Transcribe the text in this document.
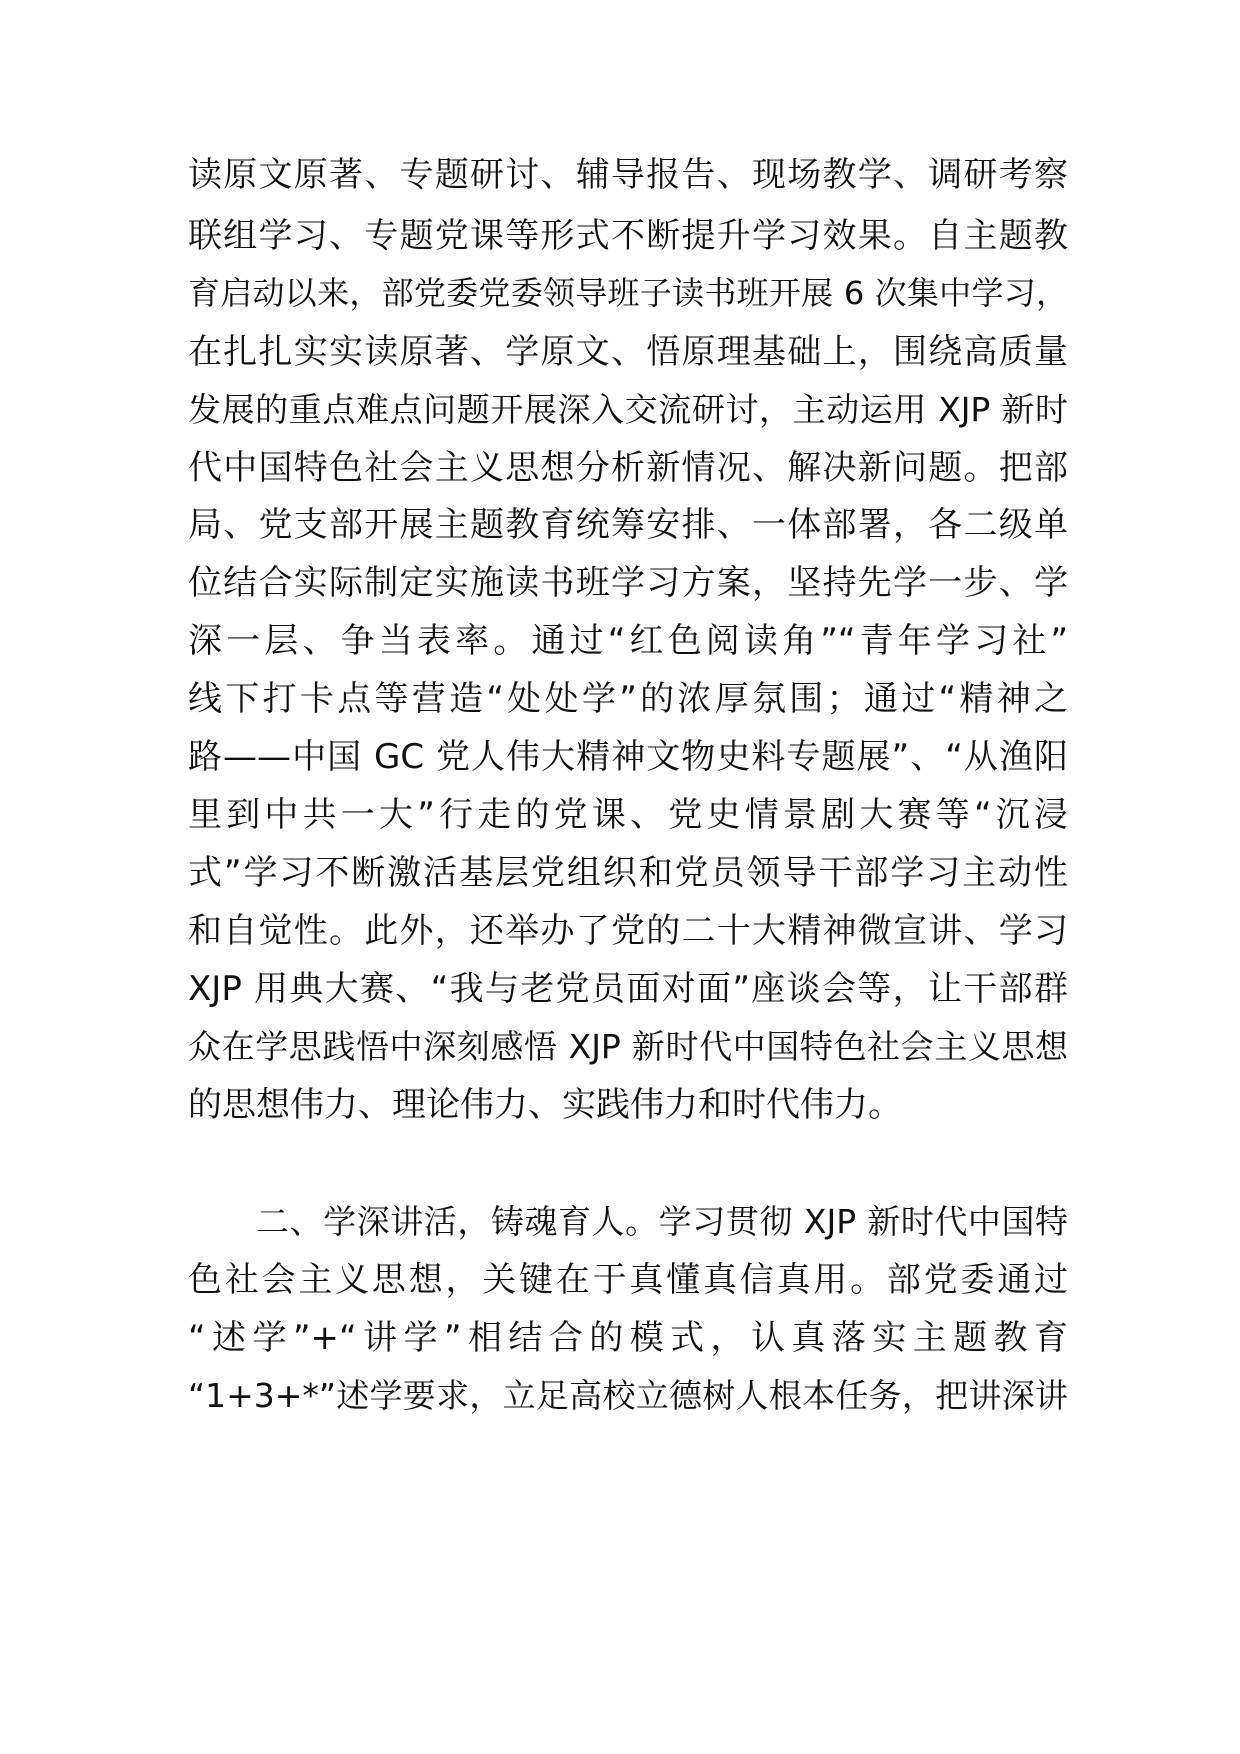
读原文原著、专题研讨、辅导报告、现场教学、调研考察
联组学习、专题党课等形式不断提升学习效果。自主题教
育启动以来，部党委党委领导班子读书班开展 6 次集中学习，
在扎扎实实读原著、学原文、悟原理基础上，围绕高质量
发展的重点难点问题开展深入交流研讨，主动运用 XJP 新时
代中国特色社会主义思想分析新情况、解决新问题。把部
局、党支部开展主题教育统筹安排、一体部署，各二级单
位结合实际制定实施读书班学习方案，坚持先学一步、学
深一层、争当表率。通过“红色阅读角”“青年学习社”
线下打卡点等营造“处处学”的浓厚氛围；通过“精神之
路——中国 GC 党人伟大精神文物史料专题展”、“从渔阳
里到中共一大”行走的党课、党史情景剧大赛等“沉浸
式”学习不断激活基层党组织和党员领导干部学习主动性
和自觉性。此外，还举办了党的二十大精神微宣讲、学习
XJP 用典大赛、“我与老党员面对面”座谈会等，让干部群
众在学思践悟中深刻感悟 XJP 新时代中国特色社会主义思想
的思想伟力、理论伟力、实践伟力和时代伟力。
二、学深讲活，铸魂育人。学习贯彻 XJP 新时代中国特
色社会主义思想，关键在于真懂真信真用。部党委通过
“述学”+“讲学”相结合的模式，认真落实主题教育
“1+3+*”述学要求，立足高校立德树人根本任务，把讲深讲
